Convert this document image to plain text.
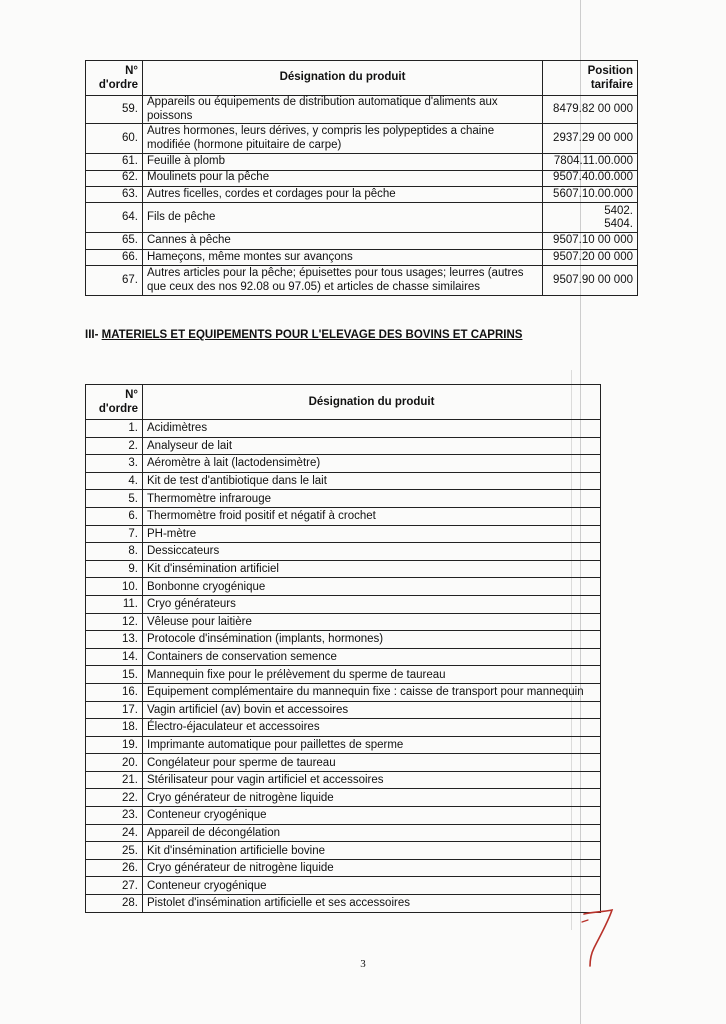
N°
d'ordre	Désignation du produit	Position
tarifaire
59.	Appareils ou équipements de distribution automatique d'aliments aux poissons	8479.82 00 000
60.	Autres hormones, leurs dérives, y compris les polypeptides a chaine modifiée (hormone pituitaire de carpe)	2937.29 00 000
61.	Feuille à plomb	7804.11.00.000
62.	Moulinets pour la pêche	9507.40.00.000
63.	Autres ficelles, cordes et cordages pour la pêche	5607.10.00.000
64.	Fils de pêche	5402.
5404.

65.	Cannes à pêche	9507.10 00 000
66.	Hameçons, même montes sur avançons	9507.20 00 000
67.	Autres articles pour la pêche; épuisettes pour tous usages; leurres (autres que ceux des nos 92.08 ou 97.05) et articles de chasse similaires	9507.90 00 000

III- MATERIELS ET EQUIPEMENTS POUR L'ELEVAGE DES BOVINS ET CAPRINS

N°
d'ordre	Désignation du produit
1.	Acidimètres
2.	Analyseur de lait
3.	Aéromètre à lait (lactodensimètre)
4.	Kit de test d'antibiotique dans le lait
5.	Thermomètre infrarouge
6.	Thermomètre froid positif et négatif à crochet
7.	PH-mètre
8.	Dessiccateurs
9.	Kit d'insémination artificiel
10.	Bonbonne cryogénique
11.	Cryo générateurs
12.	Vêleuse pour laitière
13.	Protocole d'insémination (implants, hormones)
14.	Containers de conservation semence
15.	Mannequin fixe pour le prélèvement du sperme de taureau
16.	Equipement complémentaire du mannequin fixe : caisse de transport pour mannequin
17.	Vagin artificiel (av) bovin et accessoires
18.	Électro-éjaculateur et accessoires
19.	Imprimante automatique pour paillettes de sperme
20.	Congélateur pour sperme de taureau
21.	Stérilisateur pour vagin artificiel et accessoires
22.	Cryo générateur de nitrogène liquide
23.	Conteneur cryogénique
24.	Appareil de décongélation
25.	Kit d'insémination artificielle bovine
26.	Cryo générateur de nitrogène liquide
27.	Conteneur cryogénique
28.	Pistolet d'insémination artificielle et ses accessoires
3
